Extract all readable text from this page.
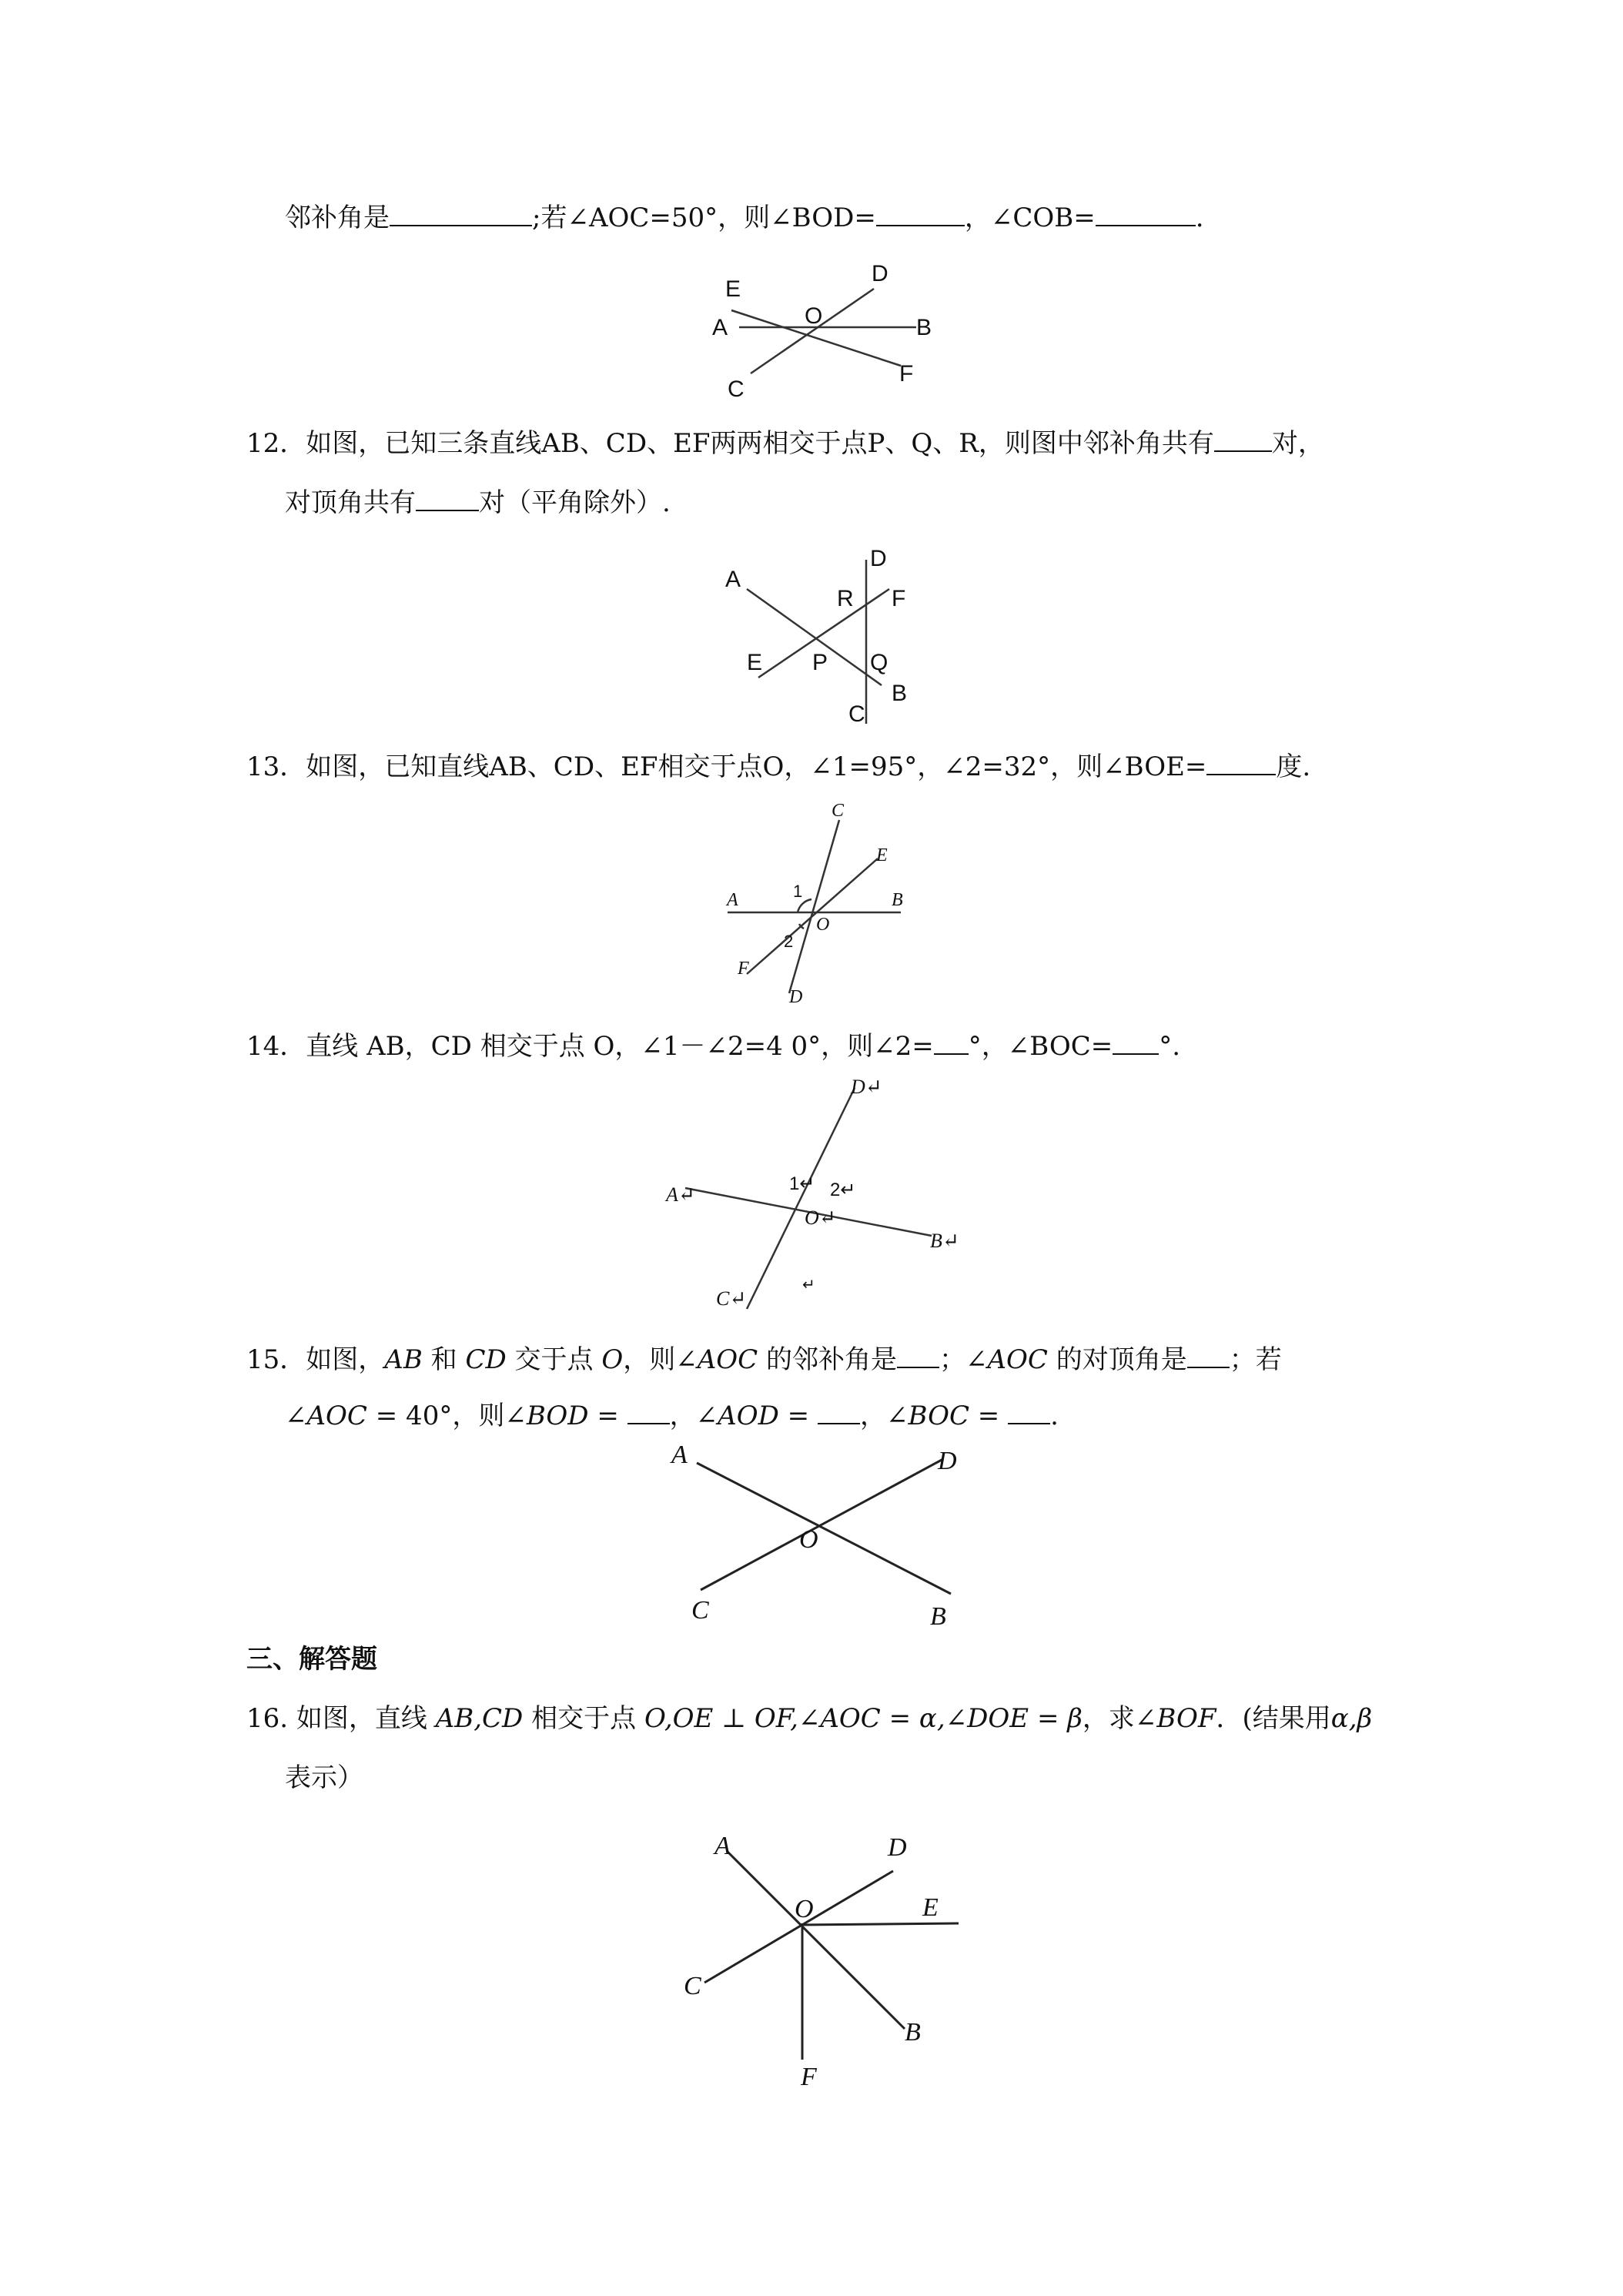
邻补角是	;若∠AOC=50°，则∠BOD=	，∠COB=	.
E
D
O
A	B
C
F
12．如图，已知三条直线AB、CD、EF两两相交于点P、Q、R，则图中邻补角共有 对，
对顶角共有 对（平角除外）.
A
D
R F
E P Q
B
C
13．如图，已知直线AB、CD、EF相交于点O，∠1=95°，∠2=32°，则∠BOE=	度.
C
E
A	B
1
O
2
F
D
14．直线 AB，CD 相交于点 O，∠1－∠2=4 0°，则∠2= °，∠BOC= °.
D↵
1↵ 2↵
A↵
O↵
B↵
C↵
↵
15．如图，AB 和 CD 交于点 O，则∠AOC 的邻补角是 ；∠AOC 的对顶角是 ；若
∠AOC = 40°，则∠BOD = ，∠AOD = ，∠BOC = .
A	D
O
C	B
三、解答题
16. 如图，直线 AB,CD 相交于点 O,OE ⊥ OF,∠AOC = α,∠DOE = β，求∠BOF．(结果用α,β
表示）
A	D
O	E
C
B
F
